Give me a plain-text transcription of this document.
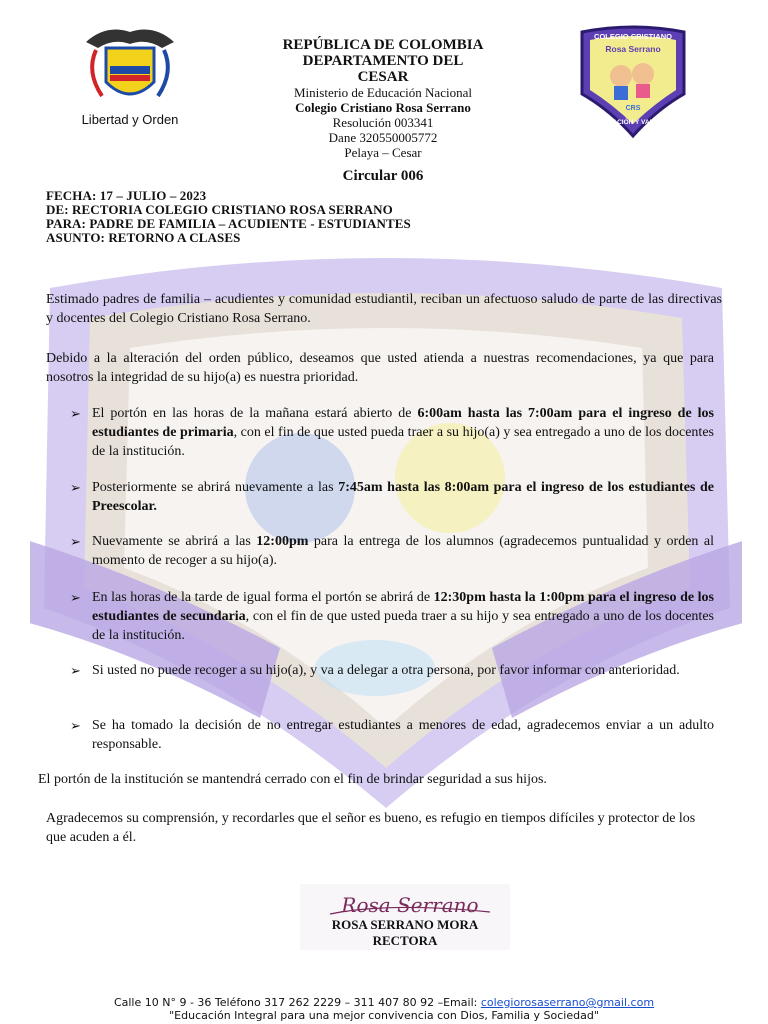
Libertad y Orden
COLEGIO CRISTIANO
Rosa Serrano
CRS
EDUCACIÓN Y VALORES
REPÚBLICA DE COLOMBIA
DEPARTAMENTO DEL
CESAR
Ministerio de Educación Nacional
Colegio Cristiano Rosa Serrano
Resolución 003341
Dane 320550005772
Pelaya – Cesar
Circular 006
FECHA: 17 – JULIO – 2023
DE: RECTORIA COLEGIO CRISTIANO ROSA SERRANO
PARA: PADRE DE FAMILIA – ACUDIENTE - ESTUDIANTES
ASUNTO: RETORNO A CLASES
Estimado padres de familia – acudientes y comunidad estudiantil, reciban un afectuoso saludo de parte de las directivas y docentes del Colegio Cristiano Rosa Serrano.
Debido a la alteración del orden público, deseamos que usted atienda a nuestras recomendaciones, ya que para nosotros la integridad de su hijo(a) es nuestra prioridad.
➢ El portón en las horas de la mañana estará abierto de 6:00am hasta las 7:00am para el ingreso de los estudiantes de primaria, con el fin de que usted pueda traer a su hijo(a) y sea entregado a uno de los docentes de la institución.
➢ Posteriormente se abrirá nuevamente a las 7:45am hasta las 8:00am para el ingreso de los estudiantes de Preescolar.
➢ Nuevamente se abrirá a las 12:00pm para la entrega de los alumnos (agradecemos puntualidad y orden al momento de recoger a su hijo(a).
➢ En las horas de la tarde de igual forma el portón se abrirá de 12:30pm hasta la 1:00pm para el ingreso de los estudiantes de secundaria, con el fin de que usted pueda traer a su hijo y sea entregado a uno de los docentes de la institución.
➢ Si usted no puede recoger a su hijo(a), y va a delegar a otra persona, por favor informar con anterioridad.
➢ Se ha tomado la decisión de no entregar estudiantes a menores de edad, agradecemos enviar a un adulto responsable.
El portón de la institución se mantendrá cerrado con el fin de brindar seguridad a sus hijos.
Agradecemos su comprensión, y recordarles que el señor es bueno, es refugio en tiempos difíciles y protector de los que acuden a él.
Rosa Serrano
ROSA SERRANO MORA
RECTORA
Calle 10 N° 9 - 36 Teléfono 317 262 2229 – 311 407 80 92 –Email: colegiorosaserrano@gmail.com
"Educación Integral para una mejor convivencia con Dios, Familia y Sociedad"
